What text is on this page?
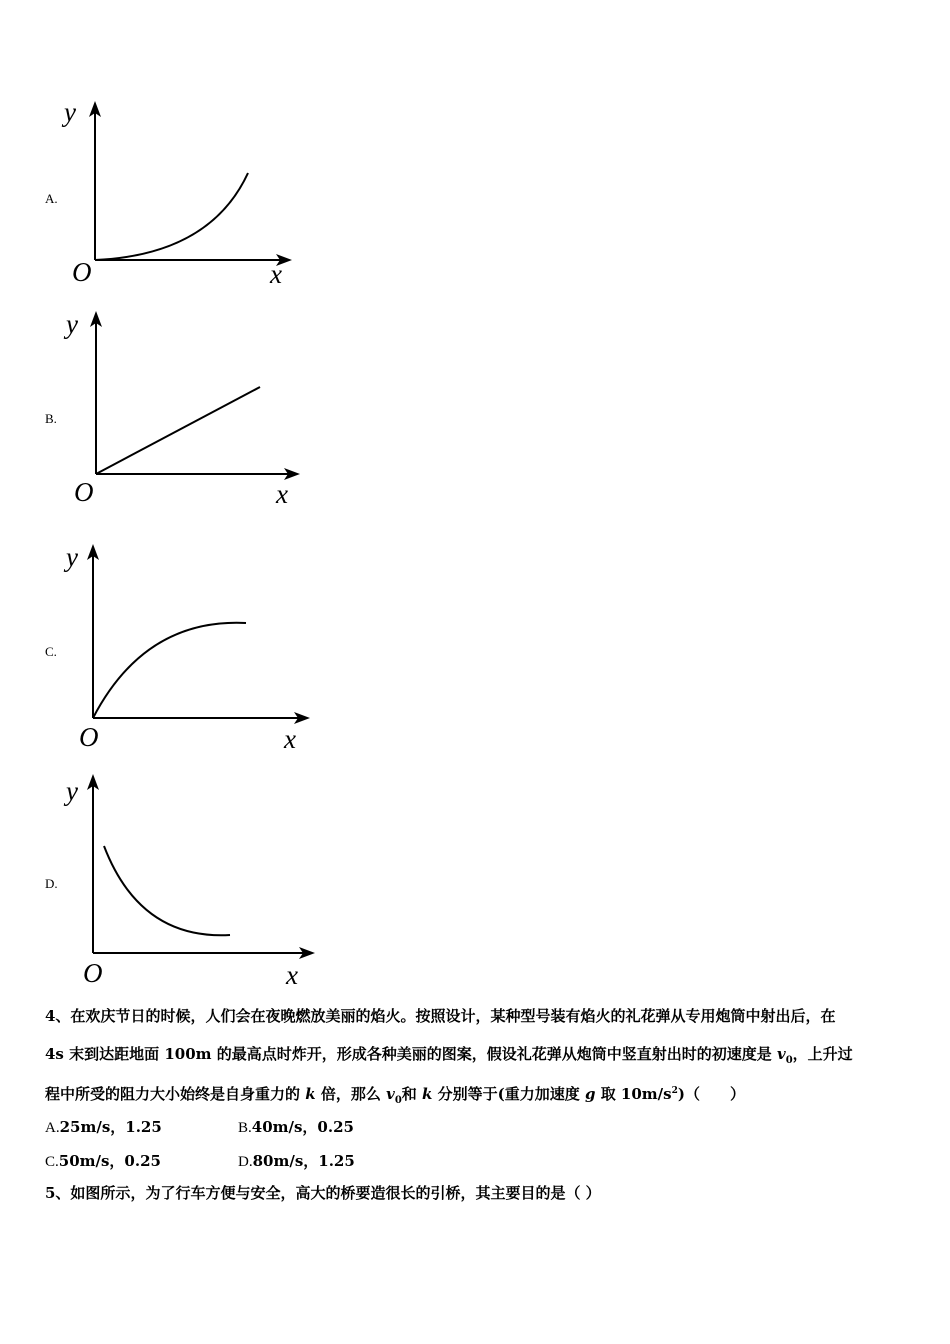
A.
y
O	x
B.
y
O	x
C.
y
O	x
D.
y
O	x
4、在欢庆节日的时候，人们会在夜晚燃放美丽的焰火。按照设计，某种型号装有焰火的礼花弹从专用炮筒中射出后，在
4s 末到达距地面 100m 的最高点时炸开，形成各种美丽的图案，假设礼花弹从炮筒中竖直射出时的初速度是 $v_0$，上升过
程中所受的阻力大小始终是自身重力的 k 倍，那么 $v_0$和 k 分别等于(重力加速度 g 取 $10m/s^2$)（　　）
A.25m/s，1.25	B.40m/s，0.25
C.50m/s，0.25	D.80m/s，1.25
5、如图所示，为了行车方便与安全，高大的桥要造很长的引桥，其主要目的是（ ）
